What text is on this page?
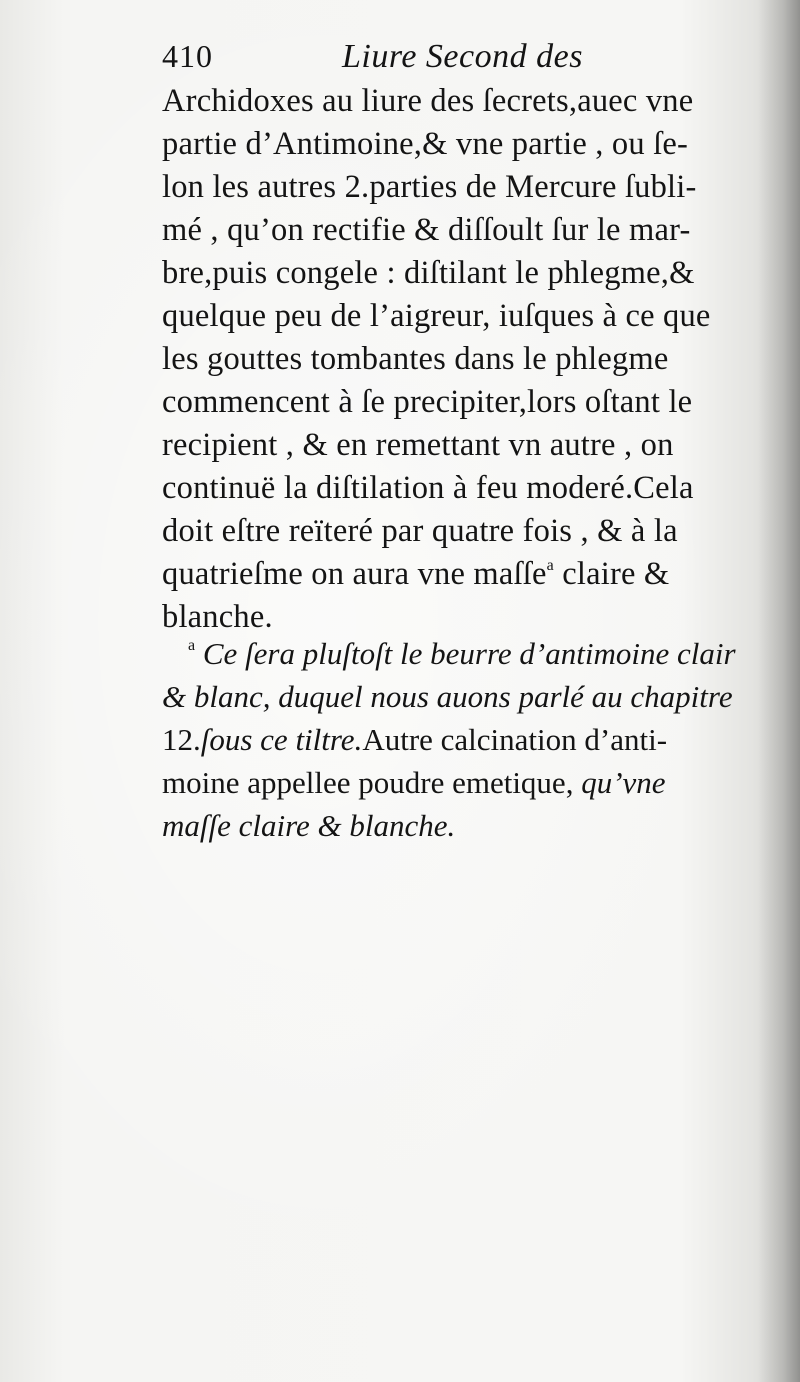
410	Liure Second des
Archidoxes au liure des ſecrets,auec vne
partie d’Antimoine,& vne partie , ou ſe-
lon les autres 2.parties de Mercure ſubli-
mé , qu’on rectifie & diſſoult ſur le mar-
bre,puis congele : diſtilant le phlegme,&
quelque peu de l’aigreur, iuſques à ce que
les gouttes tombantes dans le phlegme
commencent à ſe precipiter,lors oſtant le
recipient , & en remettant vn autre , on
continuë la diſtilation à feu moderé.Cela
doit eſtre reïteré par quatre fois , & à la
quatrieſme on aura vne maſſe$^a$ claire &
blanche.
$^a$ Ce ſera pluſtoſt le beurre d’antimoine clair
& blanc, duquel nous auons parlé au chapitre
12.ſous ce tiltre.Autre calcination d’anti-
moine appellee poudre emetique, qu’vne
maſſe claire & blanche.
